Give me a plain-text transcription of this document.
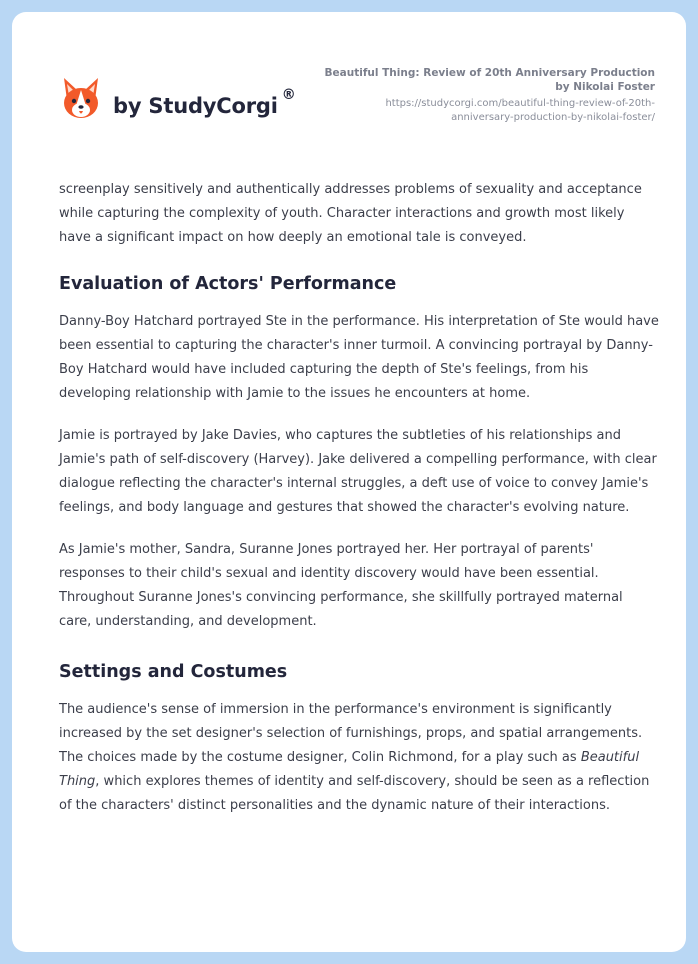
by StudyCorgi ®
Beautiful Thing: Review of 20th Anniversary Production
by Nikolai Foster
https://studycorgi.com/beautiful-thing-review-of-20th-
anniversary-production-by-nikolai-foster/

screenplay sensitively and authentically addresses problems of sexuality and acceptance while capturing the complexity of youth. Character interactions and growth most likely have a significant impact on how deeply an emotional tale is conveyed.

Evaluation of Actors' Performance

Danny-Boy Hatchard portrayed Ste in the performance. His interpretation of Ste would have been essential to capturing the character's inner turmoil. A convincing portrayal by Danny-Boy Hatchard would have included capturing the depth of Ste's feelings, from his developing relationship with Jamie to the issues he encounters at home.

Jamie is portrayed by Jake Davies, who captures the subtleties of his relationships and Jamie's path of self-discovery (Harvey). Jake delivered a compelling performance, with clear dialogue reflecting the character's internal struggles, a deft use of voice to convey Jamie's feelings, and body language and gestures that showed the character's evolving nature.

As Jamie's mother, Sandra, Suranne Jones portrayed her. Her portrayal of parents' responses to their child's sexual and identity discovery would have been essential. Throughout Suranne Jones's convincing performance, she skillfully portrayed maternal care, understanding, and development.

Settings and Costumes

The audience's sense of immersion in the performance's environment is significantly increased by the set designer's selection of furnishings, props, and spatial arrangements. The choices made by the costume designer, Colin Richmond, for a play such as Beautiful Thing, which explores themes of identity and self-discovery, should be seen as a reflection of the characters' distinct personalities and the dynamic nature of their interactions.
